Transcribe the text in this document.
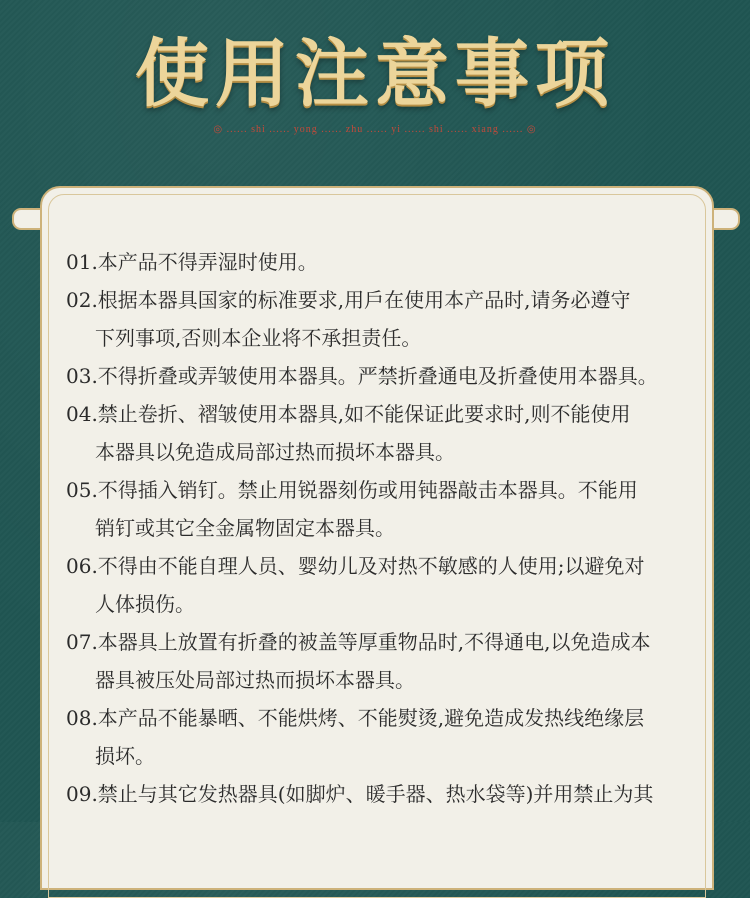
使用注意事项
◎ ...... shi ...... yong ...... zhu ...... yi ...... shi ...... xiang ...... ◎
01.本产品不得弄湿时使用。
02.根据本器具国家的标准要求,用戶在使用本产品时,请务必遵守
下列事项,否则本企业将不承担责任。
03.不得折叠或弄皱使用本器具。严禁折叠通电及折叠使用本器具。
04.禁止卷折、褶皱使用本器具,如不能保证此要求时,则不能使用
本器具以免造成局部过热而损坏本器具。
05.不得插入销钉。禁止用锐器刻伤或用钝器敲击本器具。不能用
销钉或其它全金属物固定本器具。
06.不得由不能自理人员、婴幼儿及对热不敏感的人使用;以避免对
人体损伤。
07.本器具上放置有折叠的被盖等厚重物品时,不得通电,以免造成本
器具被压处局部过热而损坏本器具。
08.本产品不能暴晒、不能烘烤、不能熨烫,避免造成发热线绝缘层
损坏。
09.禁止与其它发热器具(如脚炉、暖手器、热水袋等)并用禁止为其
